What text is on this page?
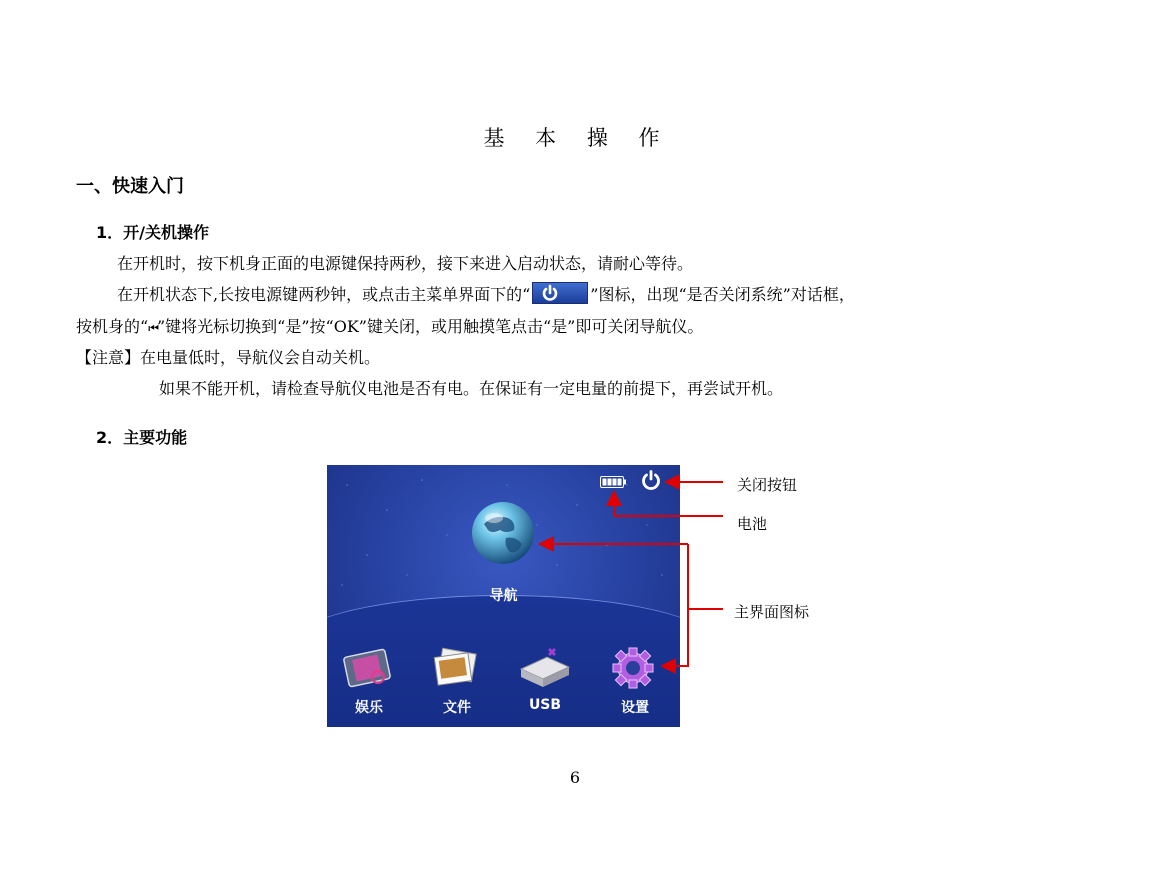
基 本 操 作
一、快速入门
1．开/关机操作
在开机时，按下机身正面的电源键保持两秒，接下来进入启动状态，请耐心等待。
在开机状态下,长按电源键两秒钟，或点击主菜单界面下的“	”图标，出现“是否关闭系统”对话框，
按机身的“⏮”键将光标切换到“是”按“OK”键关闭，或用触摸笔点击“是”即可关闭导航仪。
【注意】在电量低时，导航仪会自动关机。
如果不能开机，请检查导航仪电池是否有电。在保证有一定电量的前提下，再尝试开机。
2．主要功能
导航
娱乐	文件	USB	设置
关闭按钮
电池
主界面图标
6
